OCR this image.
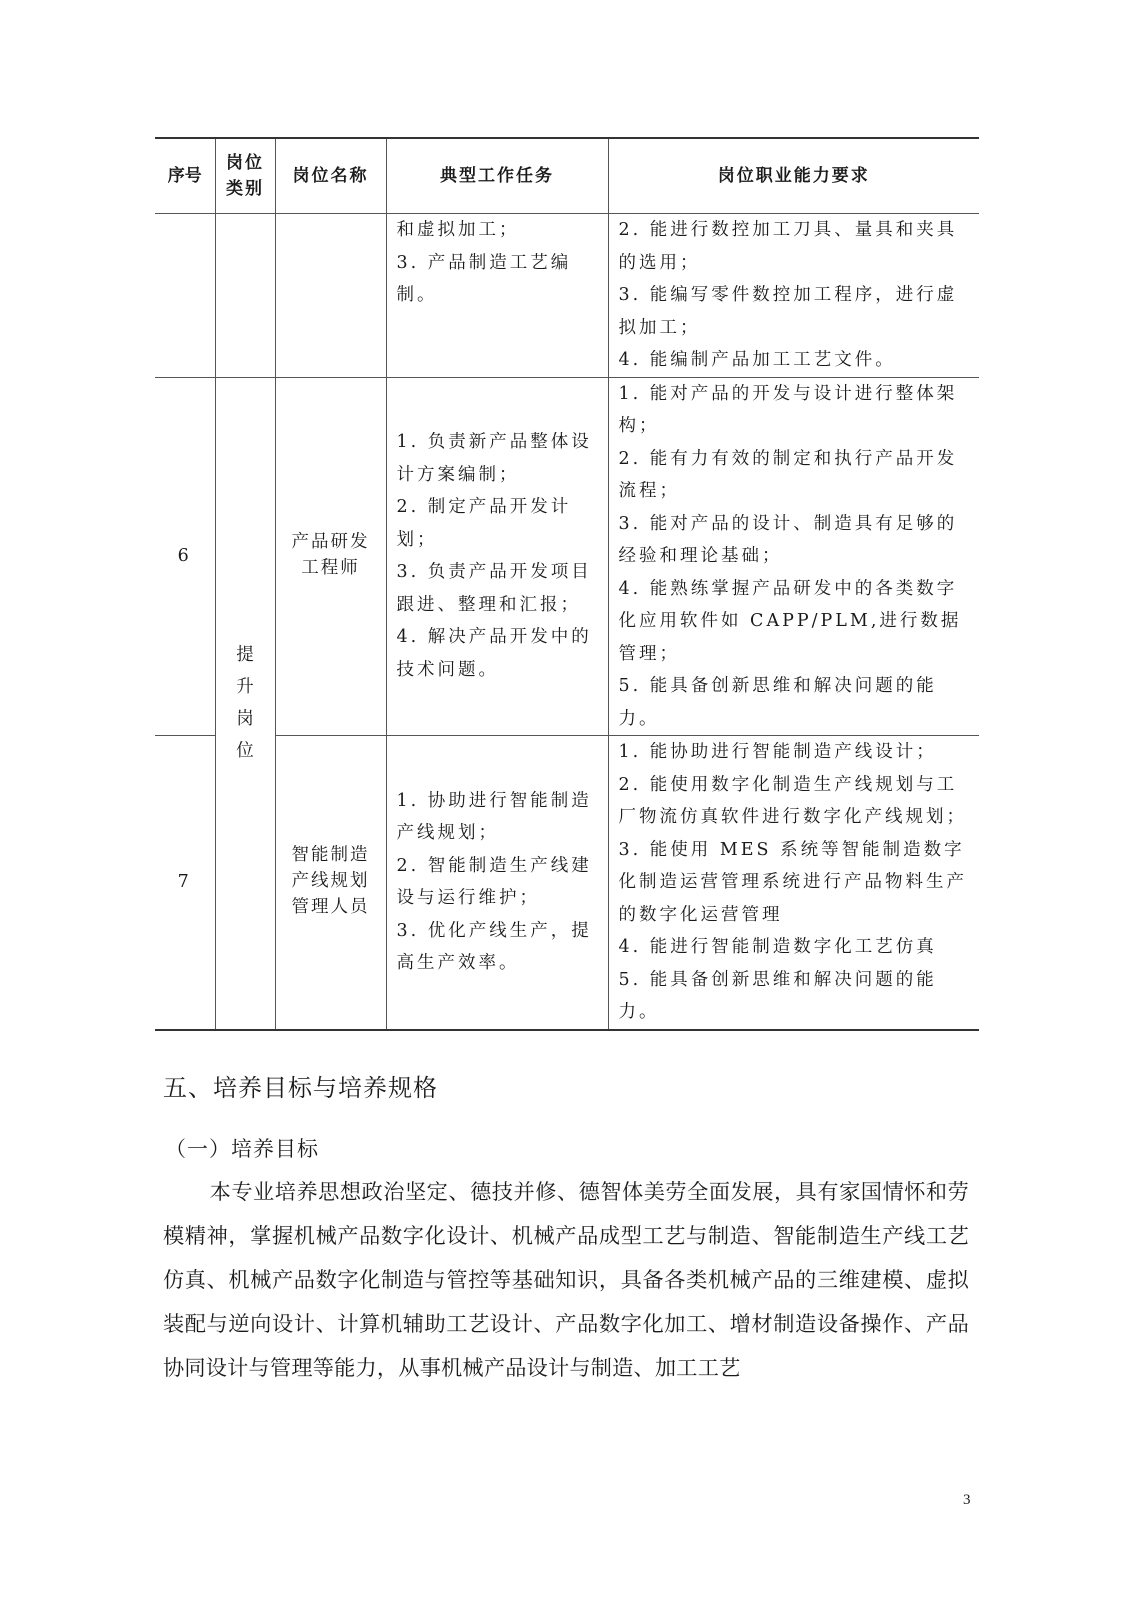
序号	岗位类别	岗位名称	典型工作任务	岗位职业能力要求

			和虚拟加工；
3. 产品制造工艺编制。	2. 能进行数控加工刀具、量具和夹具的选用；
3. 能编写零件数控加工程序，进行虚拟加工；
4. 能编制产品加工工艺文件。

6	提升岗位	产品研发工程师	1. 负责新产品整体设计方案编制；
2. 制定产品开发计划；
3. 负责产品开发项目跟进、整理和汇报；
4. 解决产品开发中的技术问题。	1. 能对产品的开发与设计进行整体架构；
2. 能有力有效的制定和执行产品开发流程；
3. 能对产品的设计、制造具有足够的经验和理论基础；
4. 能熟练掌握产品研发中的各类数字化应用软件如 CAPP/PLM,进行数据管理；
5. 能具备创新思维和解决问题的能力。

7		智能制造产线规划管理人员	1. 协助进行智能制造产线规划；
2. 智能制造生产线建设与运行维护；
3. 优化产线生产，提高生产效率。	1. 能协助进行智能制造产线设计；
2. 能使用数字化制造生产线规划与工厂物流仿真软件进行数字化产线规划；
3. 能使用 MES 系统等智能制造数字化制造运营管理系统进行产品物料生产的数字化运营管理
4. 能进行智能制造数字化工艺仿真
5. 能具备创新思维和解决问题的能力。
五、培养目标与培养规格
（一）培养目标

本专业培养思想政治坚定、德技并修、德智体美劳全面发展，具有家国情怀和劳模精神，掌握机械产品数字化设计、机械产品成型工艺与制造、智能制造生产线工艺仿真、机械产品数字化制造与管控等基础知识，具备各类机械产品的三维建模、虚拟装配与逆向设计、计算机辅助工艺设计、产品数字化加工、增材制造设备操作、产品协同设计与管理等能力，从事机械产品设计与制造、加工工艺

3
